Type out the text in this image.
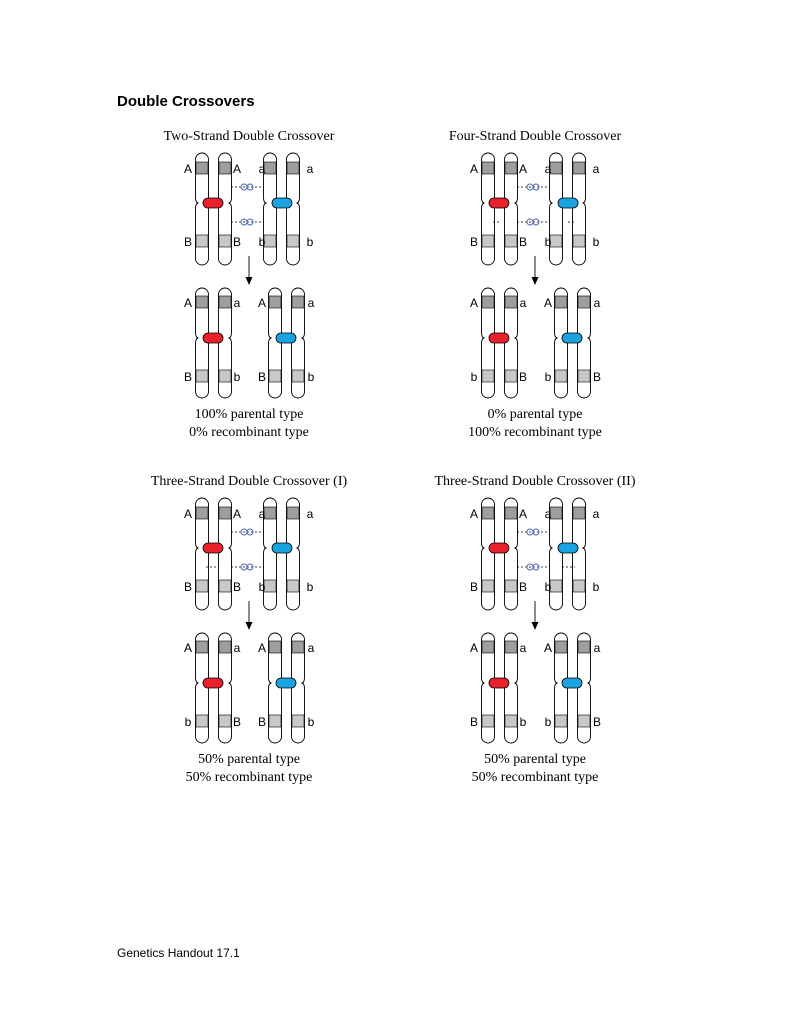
Double Crossovers
Two-Strand Double Crossover
A	A a	a
B	B b	b
A	a A	a
B	b B	b
100% parental type
0% recombinant type
Four-Strand Double Crossover
A	A a	a
B	B b	b
A	a A	a
b	B b	B
0% parental type
100% recombinant type
Three-Strand Double Crossover (I)
A	A a	a
B	B b	b
A	a A	a
b	B B	b
50% parental type
50% recombinant type
Three-Strand Double Crossover (II)
A	A a	a
B	B b	b
A	a A	a
B	b b	B
50% parental type
50% recombinant type
Genetics Handout 17.1
